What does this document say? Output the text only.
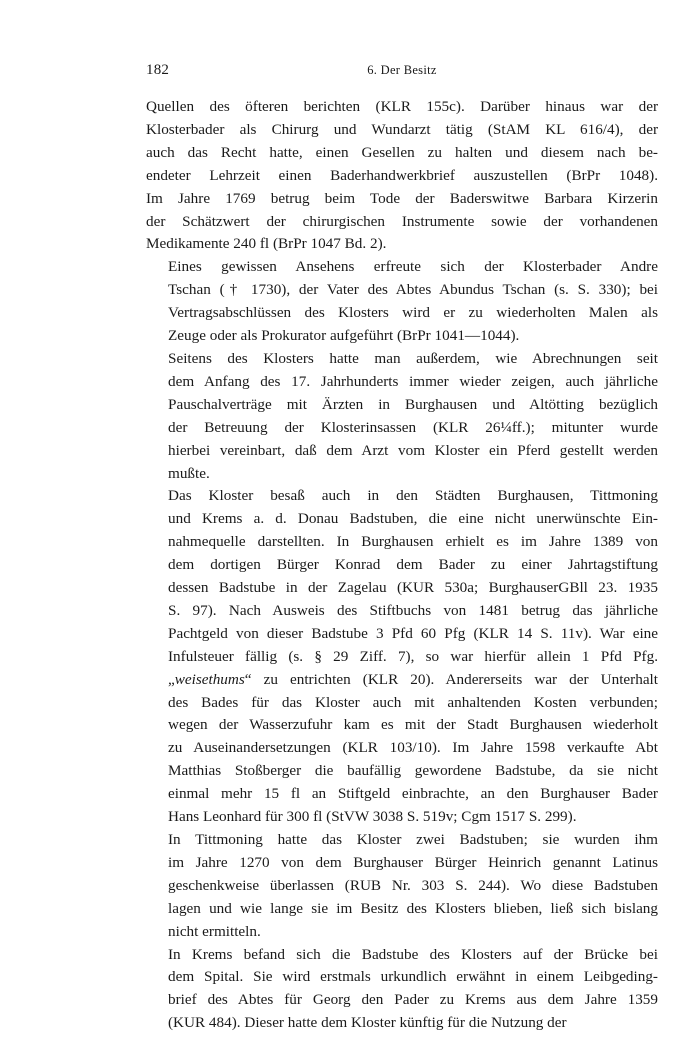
182	6. Der Besitz
Quellen des öfteren berichten (KLR 155c). Darüber hinaus war der
Klosterbader als Chirurg und Wundarzt tätig (StAM KL 616/4), der
auch das Recht hatte, einen Gesellen zu halten und diesem nach be-
endeter Lehrzeit einen Baderhandwerkbrief auszustellen (BrPr 1048).
Im Jahre 1769 betrug beim Tode der Baderswitwe Barbara Kirzerin
der Schätzwert der chirurgischen Instrumente sowie der vorhandenen
Medikamente 240 fl (BrPr 1047 Bd. 2).
Eines gewissen Ansehens erfreute sich der Klosterbader Andre
Tschan († 1730), der Vater des Abtes Abundus Tschan (s. S. 330); bei
Vertragsabschlüssen des Klosters wird er zu wiederholten Malen als
Zeuge oder als Prokurator aufgeführt (BrPr 1041—1044).
Seitens des Klosters hatte man außerdem, wie Abrechnungen seit
dem Anfang des 17. Jahrhunderts immer wieder zeigen, auch jährliche
Pauschalverträge mit Ärzten in Burghausen und Altötting bezüglich
der Betreuung der Klosterinsassen (KLR 26¼ff.); mitunter wurde
hierbei vereinbart, daß dem Arzt vom Kloster ein Pferd gestellt werden
mußte.
Das Kloster besaß auch in den Städten Burghausen, Tittmoning
und Krems a. d. Donau Badstuben, die eine nicht unerwünschte Ein-
nahmequelle darstellten. In Burghausen erhielt es im Jahre 1389 von
dem dortigen Bürger Konrad dem Bader zu einer Jahrtagstiftung
dessen Badstube in der Zagelau (KUR 530a; BurghauserGBll 23. 1935
S. 97). Nach Ausweis des Stiftbuchs von 1481 betrug das jährliche
Pachtgeld von dieser Badstube 3 Pfd 60 Pfg (KLR 14 S. 11v). War eine
Infulsteuer fällig (s. § 29 Ziff. 7), so war hierfür allein 1 Pfd Pfg.
„weisethums“ zu entrichten (KLR 20). Andererseits war der Unterhalt
des Bades für das Kloster auch mit anhaltenden Kosten verbunden;
wegen der Wasserzufuhr kam es mit der Stadt Burghausen wiederholt
zu Auseinandersetzungen (KLR 103/10). Im Jahre 1598 verkaufte Abt
Matthias Stoßberger die baufällig gewordene Badstube, da sie nicht
einmal mehr 15 fl an Stiftgeld einbrachte, an den Burghauser Bader
Hans Leonhard für 300 fl (StVW 3038 S. 519v; Cgm 1517 S. 299).
In Tittmoning hatte das Kloster zwei Badstuben; sie wurden ihm
im Jahre 1270 von dem Burghauser Bürger Heinrich genannt Latinus
geschenkweise überlassen (RUB Nr. 303 S. 244). Wo diese Badstuben
lagen und wie lange sie im Besitz des Klosters blieben, ließ sich bislang
nicht ermitteln.
In Krems befand sich die Badstube des Klosters auf der Brücke bei
dem Spital. Sie wird erstmals urkundlich erwähnt in einem Leibgeding-
brief des Abtes für Georg den Pader zu Krems aus dem Jahre 1359
(KUR 484). Dieser hatte dem Kloster künftig für die Nutzung der
